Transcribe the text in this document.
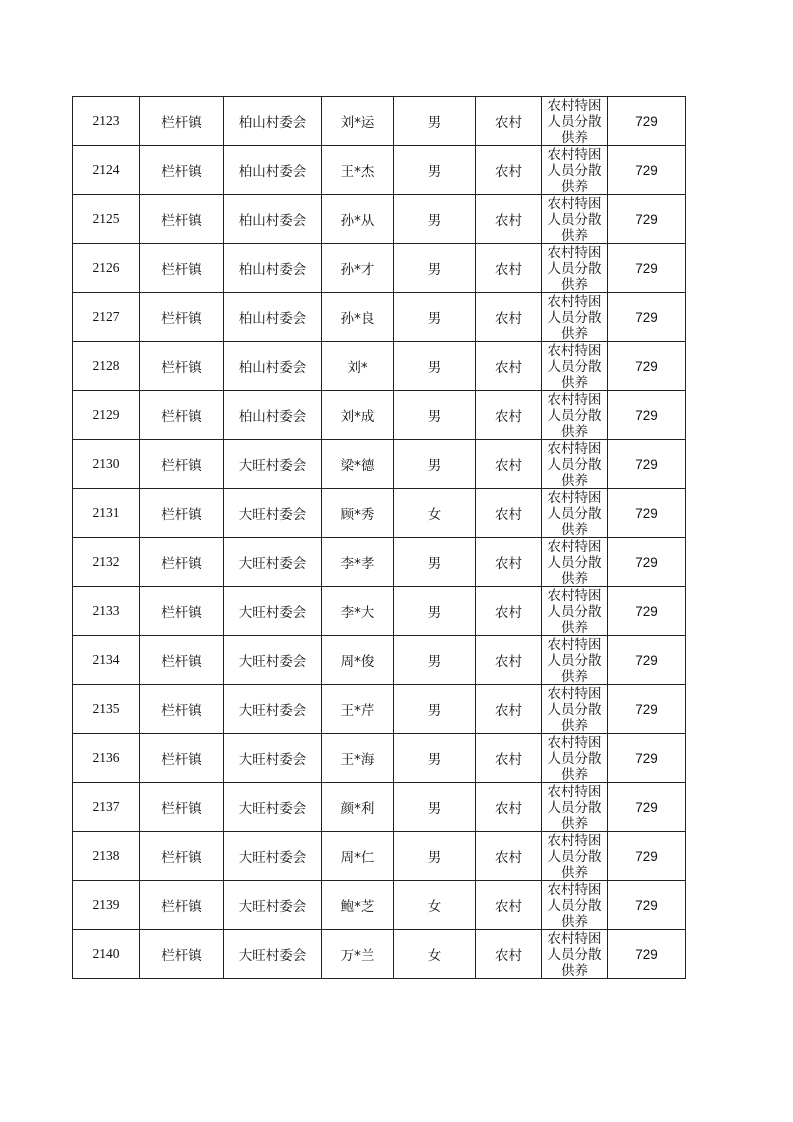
2123	栏杆镇	柏山村委会	刘*运	男	农村	农村特困人员分散供养	729
2124	栏杆镇	柏山村委会	王*杰	男	农村	农村特困人员分散供养	729
2125	栏杆镇	柏山村委会	孙*从	男	农村	农村特困人员分散供养	729
2126	栏杆镇	柏山村委会	孙*才	男	农村	农村特困人员分散供养	729
2127	栏杆镇	柏山村委会	孙*良	男	农村	农村特困人员分散供养	729
2128	栏杆镇	柏山村委会	刘*	男	农村	农村特困人员分散供养	729
2129	栏杆镇	柏山村委会	刘*成	男	农村	农村特困人员分散供养	729
2130	栏杆镇	大旺村委会	梁*德	男	农村	农村特困人员分散供养	729
2131	栏杆镇	大旺村委会	顾*秀	女	农村	农村特困人员分散供养	729
2132	栏杆镇	大旺村委会	李*孝	男	农村	农村特困人员分散供养	729
2133	栏杆镇	大旺村委会	李*大	男	农村	农村特困人员分散供养	729
2134	栏杆镇	大旺村委会	周*俊	男	农村	农村特困人员分散供养	729
2135	栏杆镇	大旺村委会	王*芹	男	农村	农村特困人员分散供养	729
2136	栏杆镇	大旺村委会	王*海	男	农村	农村特困人员分散供养	729
2137	栏杆镇	大旺村委会	颜*利	男	农村	农村特困人员分散供养	729
2138	栏杆镇	大旺村委会	周*仁	男	农村	农村特困人员分散供养	729
2139	栏杆镇	大旺村委会	鲍*芝	女	农村	农村特困人员分散供养	729
2140	栏杆镇	大旺村委会	万*兰	女	农村	农村特困人员分散供养	729
